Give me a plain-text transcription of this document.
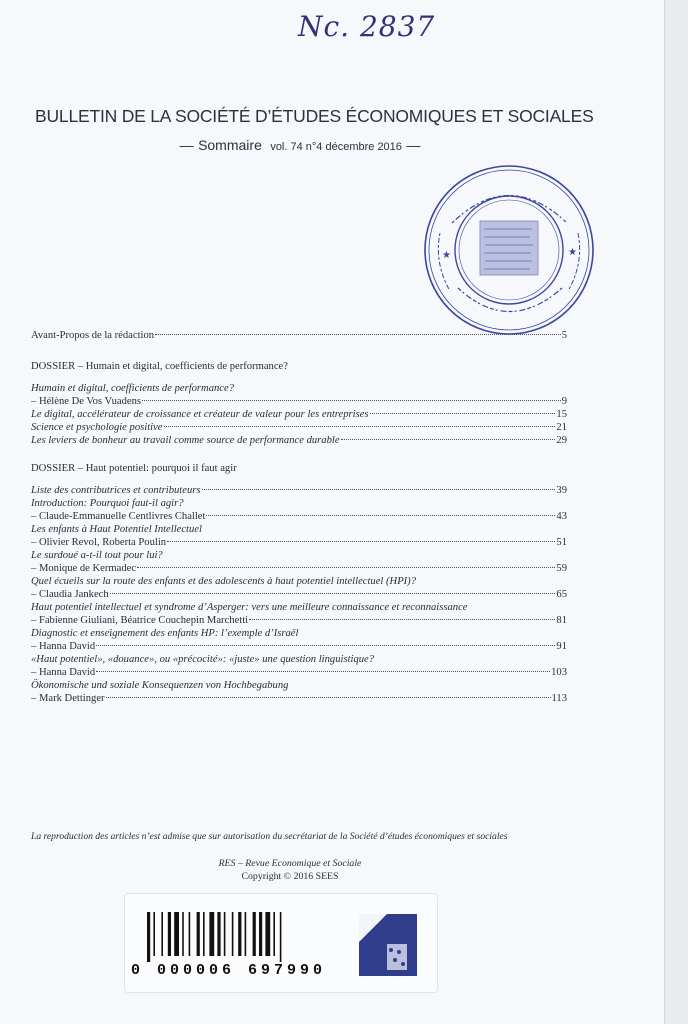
Nc. 2837
BULLETIN DE LA SOCIÉTÉ D’ÉTUDES ÉCONOMIQUES ET SOCIALES
— Sommaire vol. 74 n°4 décembre 2016 —
★	★
Avant-Propos de la rédaction	5
DOSSIER – Humain et digital, coefficients de performance?
Humain et digital, coefficients de performance?
– Hélène De Vos Vuadens	9
Le digital, accélérateur de croissance et créateur de valeur pour les entreprises	15
Science et psychologie positive	21
Les leviers de bonheur au travail comme source de performance durable	29
DOSSIER – Haut potentiel: pourquoi il faut agir
Liste des contributrices et contributeurs	39
Introduction: Pourquoi faut-il agir?
– Claude-Emmanuelle Centlivres Challet	43
Les enfants à Haut Potentiel Intellectuel
– Olivier Revol, Roberta Poulin	51
Le surdoué a-t-il tout pour lui?
– Monique de Kermadec	59
Quel écueils sur la route des enfants et des adolescents à haut potentiel intellectuel (HPI)?
– Claudia Jankech	65
Haut potentiel intellectuel et syndrome d’Asperger: vers une meilleure connaissance et reconnaissance
– Fabienne Giuliani, Béatrice Couchepin Marchetti	81
Diagnostic et enseignement des enfants HP: l’exemple d’Israël
– Hanna David	91
«Haut potentiel», «douance», ou «précocité»: «juste» une question linguistique?
– Hanna David	103
Ökonomische und soziale Konsequenzen von Hochbegabung
– Mark Dettinger	113
La reproduction des articles n’est admise que sur autorisation du secrétariat de la Société d’études économiques et sociales
RES – Revue Economique et Sociale
Copyright © 2016 SEES
0 000006 697990
